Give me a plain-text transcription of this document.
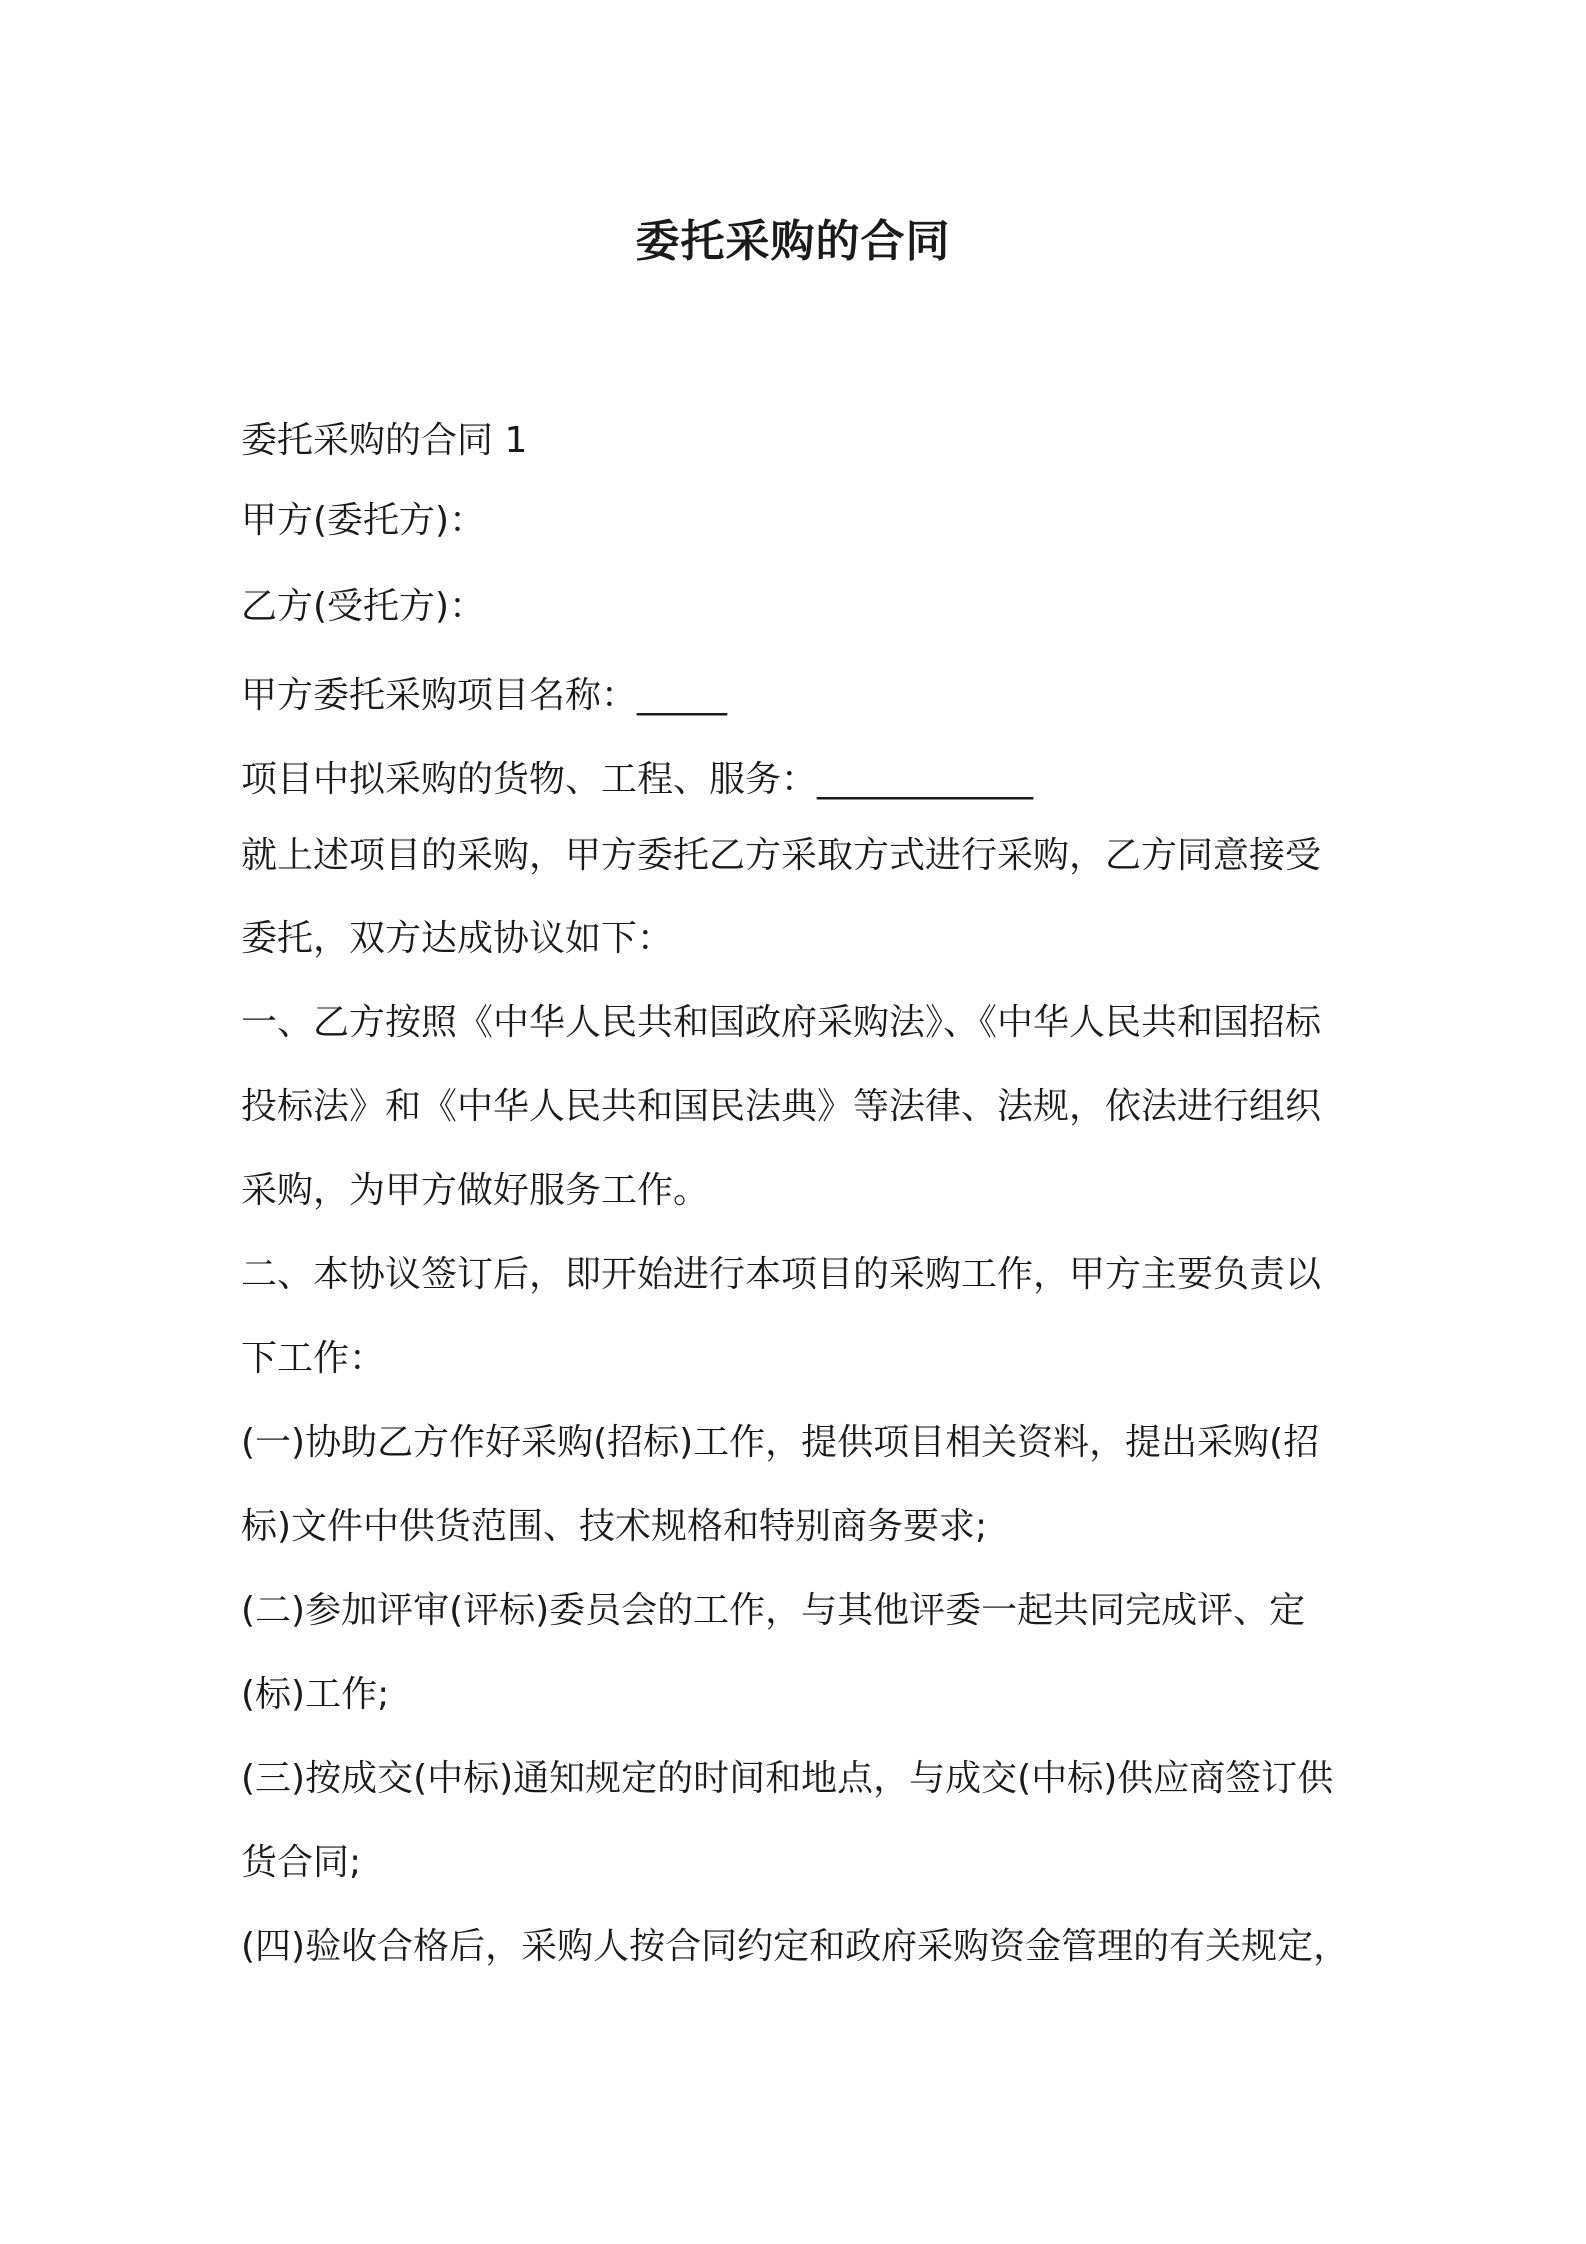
委托采购的合同

委托采购的合同 1

甲方(委托方)：

乙方(受托方)：

甲方委托采购项目名称：_____

项目中拟采购的货物、工程、服务：____________

就上述项目的采购，甲方委托乙方采取方式进行采购，乙方同意接受

委托，双方达成协议如下：

一、乙方按照《中华人民共和国政府采购法》、《中华人民共和国招标

投标法》和《中华人民共和国民法典》等法律、法规，依法进行组织

采购，为甲方做好服务工作。

二、本协议签订后，即开始进行本项目的采购工作，甲方主要负责以

下工作：

(一)协助乙方作好采购(招标)工作，提供项目相关资料，提出采购(招

标)文件中供货范围、技术规格和特别商务要求;

(二)参加评审(评标)委员会的工作，与其他评委一起共同完成评、定

(标)工作;

(三)按成交(中标)通知规定的时间和地点，与成交(中标)供应商签订供

货合同;

(四)验收合格后，采购人按合同约定和政府采购资金管理的有关规定，
